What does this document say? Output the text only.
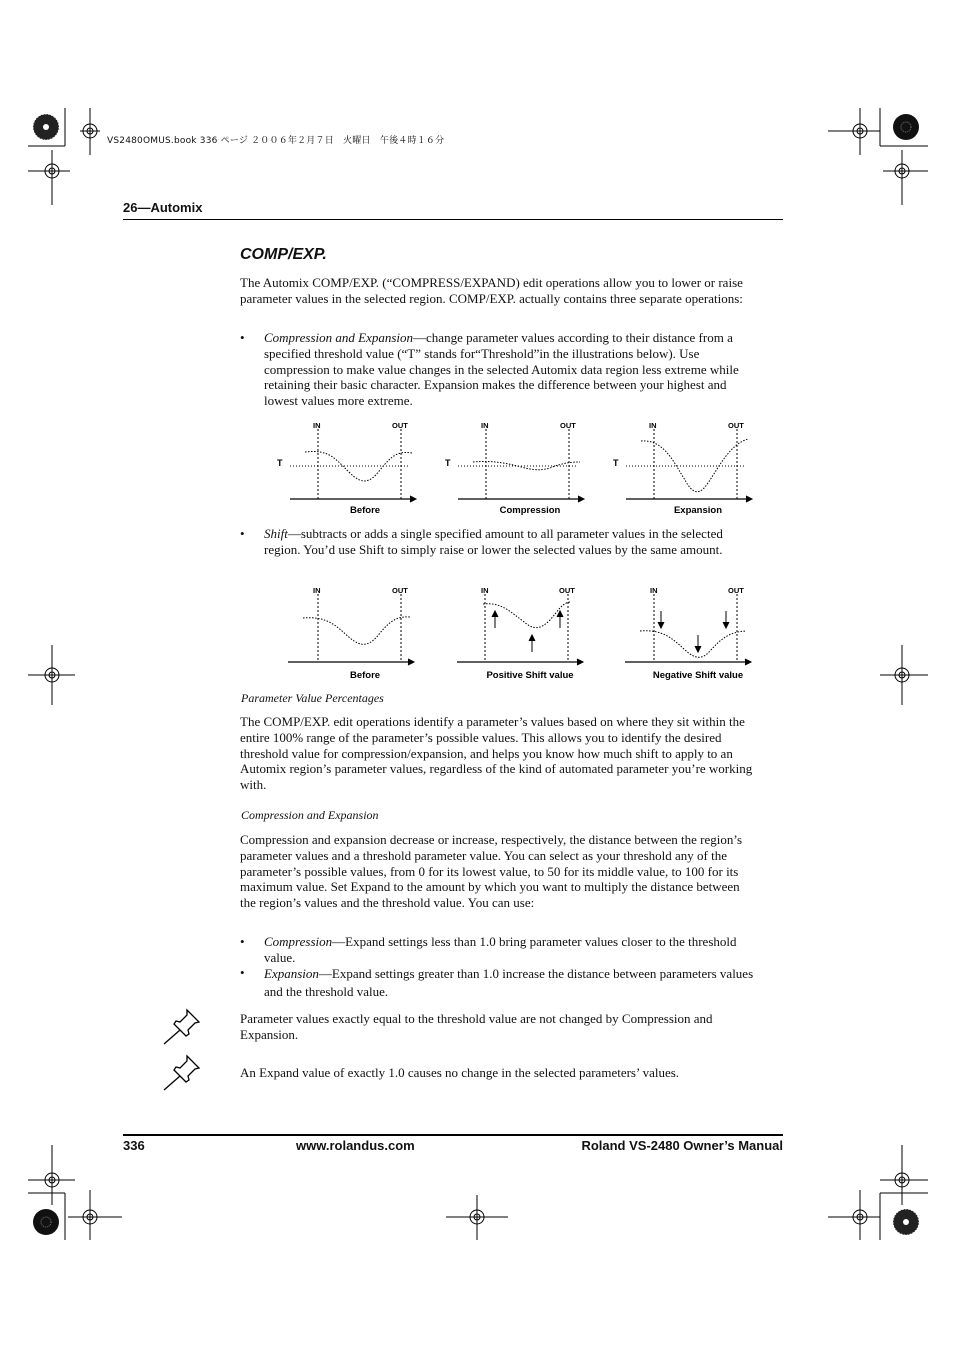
VS2480OMUS.book 336 ページ ２００６年２月７日　火曜日　午後４時１６分
26—Automix
COMP/EXP.
The Automix COMP/EXP. (“COMPRESS/EXPAND) edit operations allow you to lower or raise parameter values in the selected region. COMP/EXP. actually contains three separate operations:
• Compression and Expansion—change parameter values according to their distance from a specified threshold value (“T” stands for“Threshold”in the illustrations below). Use compression to make value changes in the selected Automix data region less extreme while retaining their basic character. Expansion makes the difference between your highest and lowest values more extreme.
IN	OUT	IN	OUT	IN	OUT
T	T	T
Before	Compression	Expansion
• Shift—subtracts or adds a single specified amount to all parameter values in the selected region. You’d use Shift to simply raise or lower the selected values by the same amount.
IN	OUT	IN	OUT	IN	OUT
Before	Positive Shift value	Negative Shift value
Parameter Value Percentages
The COMP/EXP. edit operations identify a parameter’s values based on where they sit within the entire 100% range of the parameter’s possible values. This allows you to identify the desired threshold value for compression/expansion, and helps you know how much shift to apply to an Automix region’s parameter values, regardless of the kind of automated parameter you’re working with.
Compression and Expansion
Compression and expansion decrease or increase, respectively, the distance between the region’s parameter values and a threshold parameter value. You can select as your threshold any of the parameter’s possible values, from 0 for its lowest value, to 50 for its middle value, to 100 for its maximum value. Set Expand to the amount by which you want to multiply the distance between the region’s values and the threshold value. You can use:
• Compression—Expand settings less than 1.0 bring parameter values closer to the threshold value.
• Expansion—Expand settings greater than 1.0 increase the distance between parameters values and the threshold value.
Parameter values exactly equal to the threshold value are not changed by Compression and Expansion.
An Expand value of exactly 1.0 causes no change in the selected parameters’ values.
336	www.rolandus.com	Roland VS-2480 Owner’s Manual
